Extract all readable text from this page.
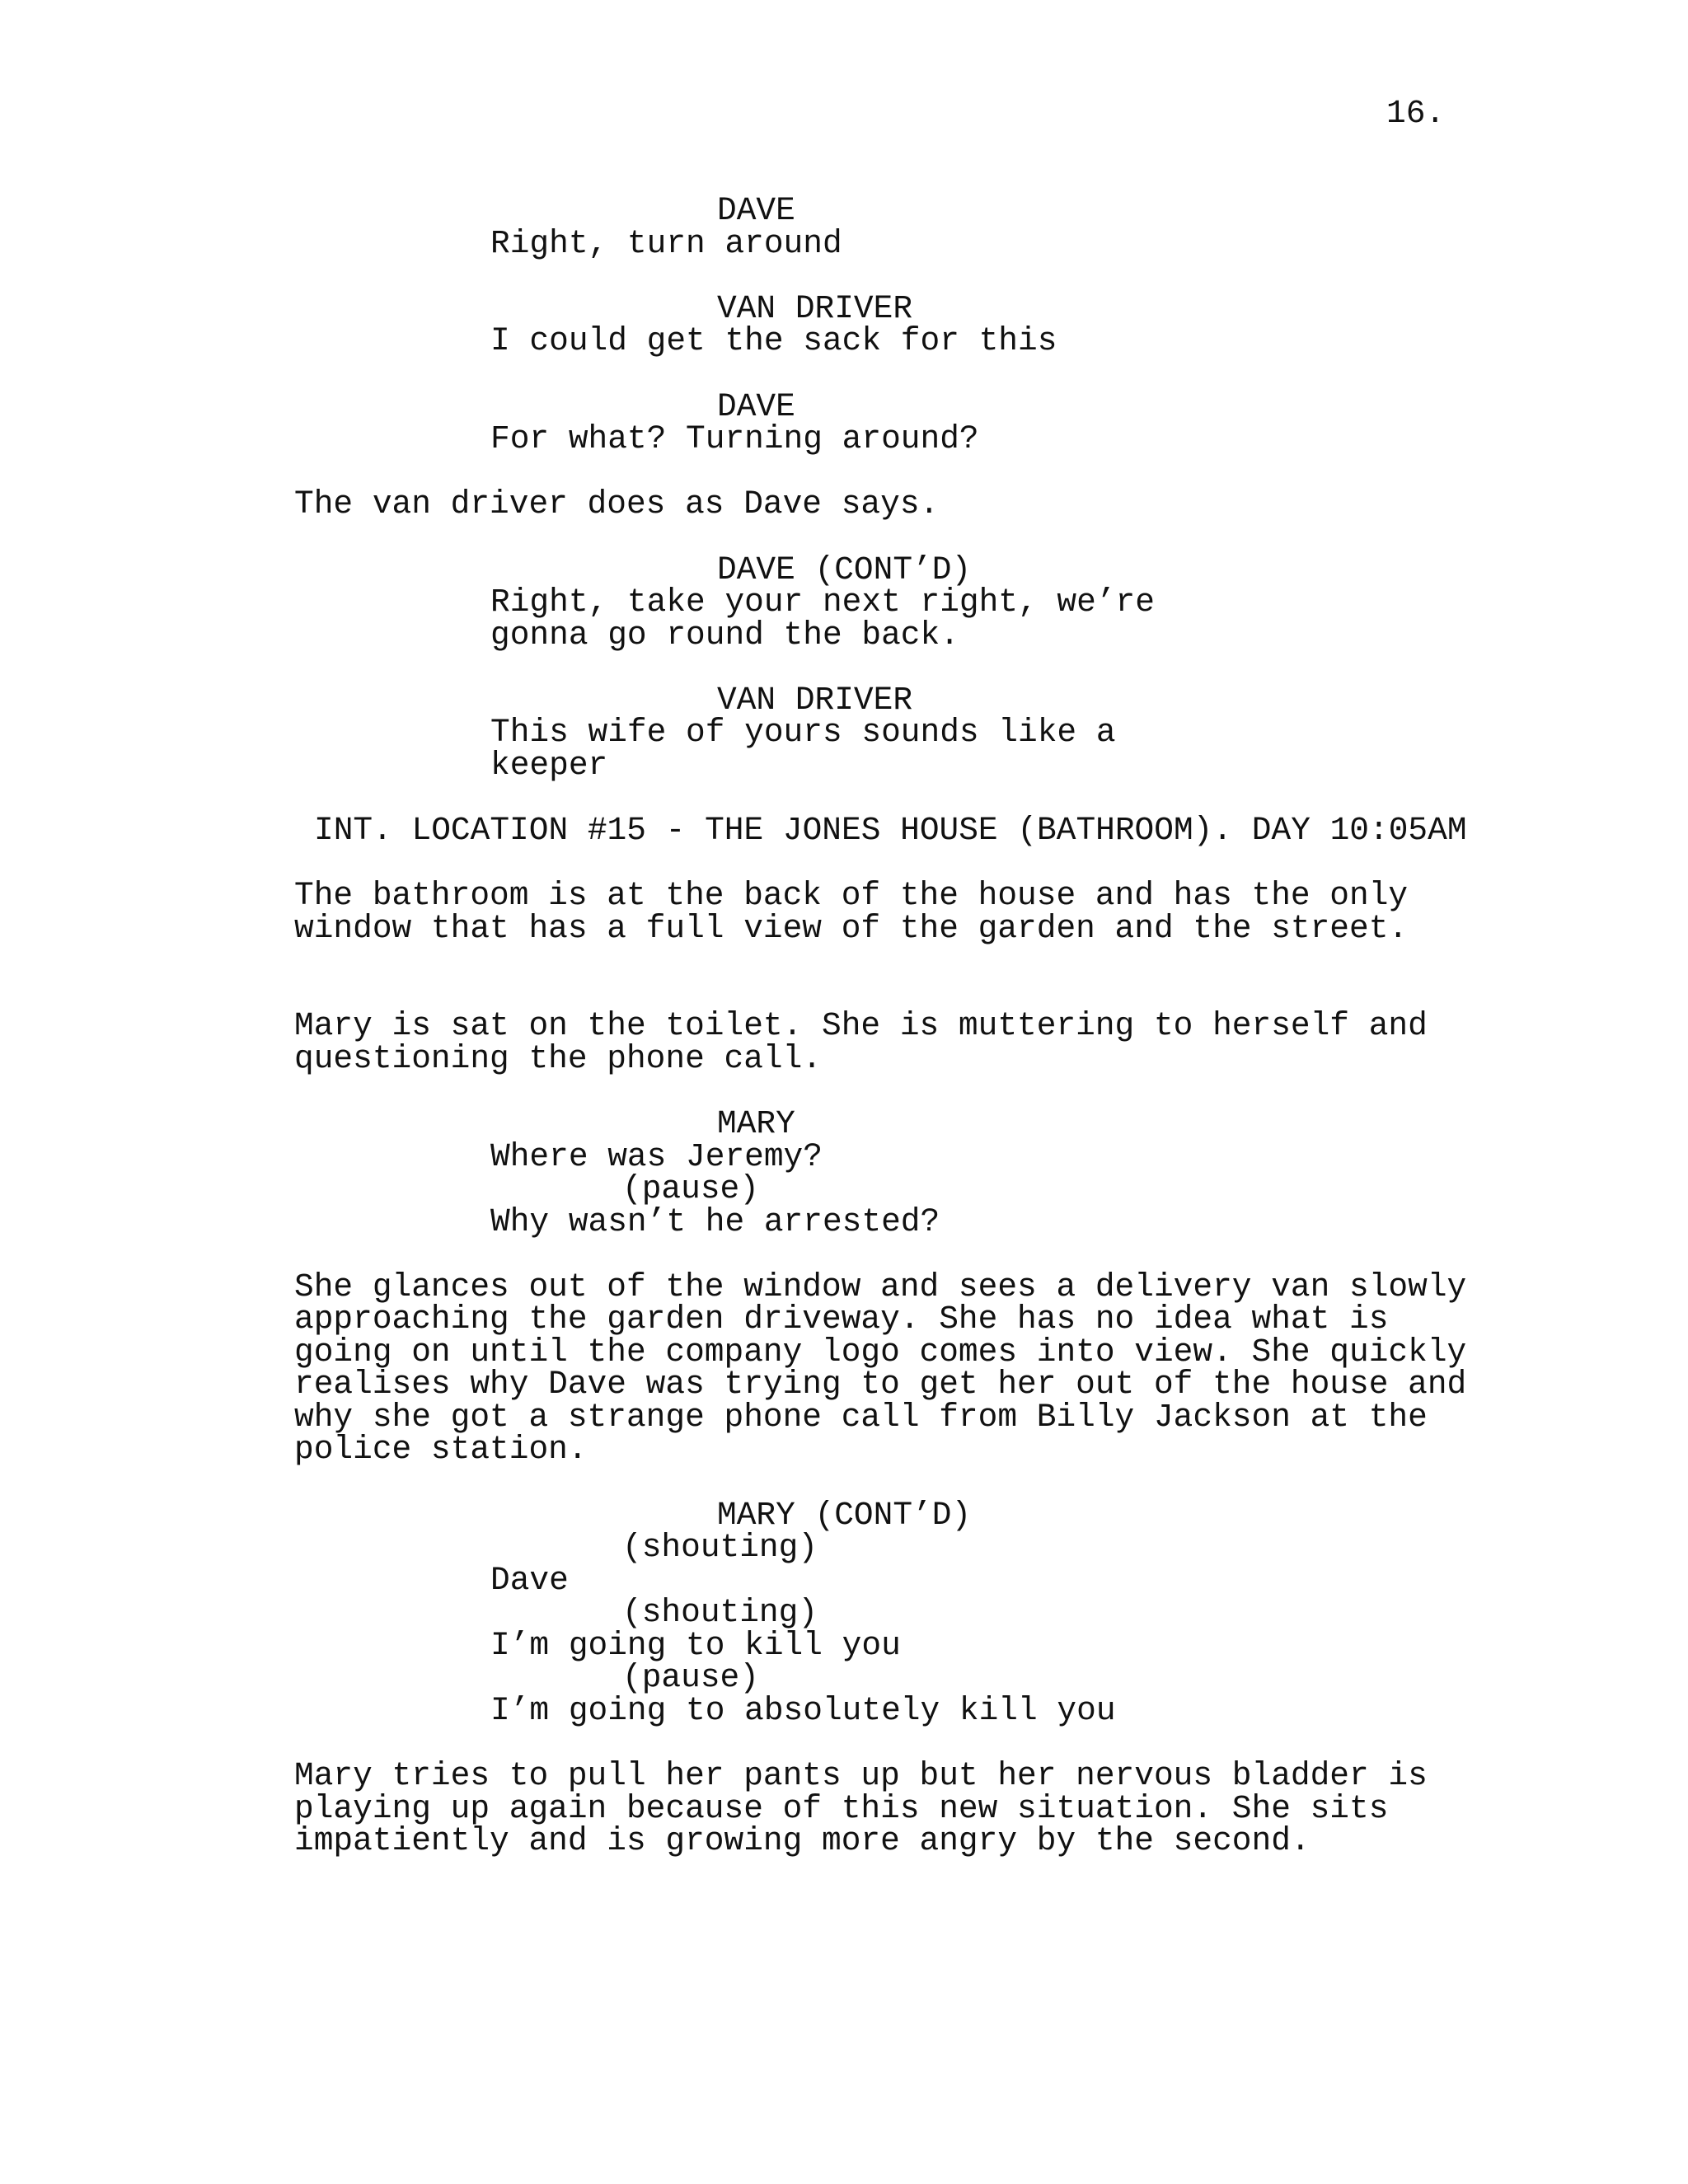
16.

DAVE

Right, turn around

VAN DRIVER

I could get the sack for this

DAVE

For what? Turning around?

The van driver does as Dave says.

DAVE (CONT’D)

Right, take your next right, we’re

gonna go round the back.

VAN DRIVER

This wife of yours sounds like a

keeper

INT. LOCATION #15 - THE JONES HOUSE (BATHROOM). DAY 10:05AM

The bathroom is at the back of the house and has the only

window that has a full view of the garden and the street.

Mary is sat on the toilet. She is muttering to herself and

questioning the phone call.

MARY

Where was Jeremy?

(pause)

Why wasn’t he arrested?

She glances out of the window and sees a delivery van slowly

approaching the garden driveway. She has no idea what is

going on until the company logo comes into view. She quickly

realises why Dave was trying to get her out of the house and

why she got a strange phone call from Billy Jackson at the

police station.

MARY (CONT’D)

(shouting)

Dave

(shouting)

I’m going to kill you

(pause)

I’m going to absolutely kill you

Mary tries to pull her pants up but her nervous bladder is

playing up again because of this new situation. She sits

impatiently and is growing more angry by the second.
